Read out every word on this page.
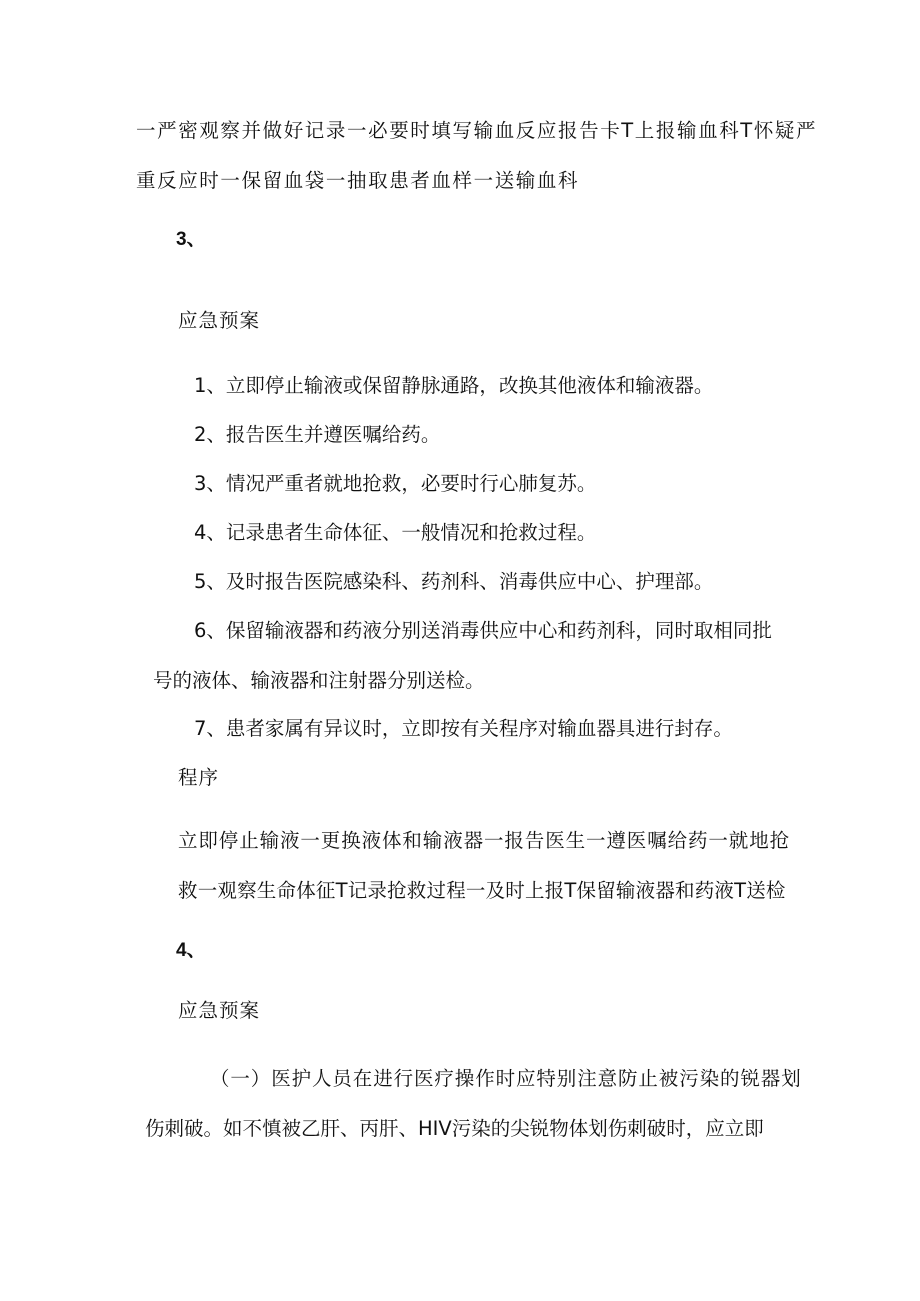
一严密观察并做好记录一必要时填写输血反应报告卡T上报输血科T怀疑严
重反应时一保留血袋一抽取患者血样一送输血科
3、
应急预案
1、立即停止输液或保留静脉通路，改换其他液体和输液器。
2、报告医生并遵医嘱给药。
3、情况严重者就地抢救，必要时行心肺复苏。
4、记录患者生命体征、一般情况和抢救过程。
5、及时报告医院感染科、药剂科、消毒供应中心、护理部。
6、保留输液器和药液分别送消毒供应中心和药剂科，同时取相同批
号的液体、输液器和注射器分别送检。
7、患者家属有异议时，立即按有关程序对输血器具进行封存。
程序
立即停止输液一更换液体和输液器一报告医生一遵医嘱给药一就地抢
救一观察生命体征T记录抢救过程一及时上报T保留输液器和药液T送检
4、
应急预案
（一）医护人员在进行医疗操作时应特别注意防止被污染的锐器划
伤刺破。如不慎被乙肝、丙肝、HIV污染的尖锐物体划伤刺破时，应立即
